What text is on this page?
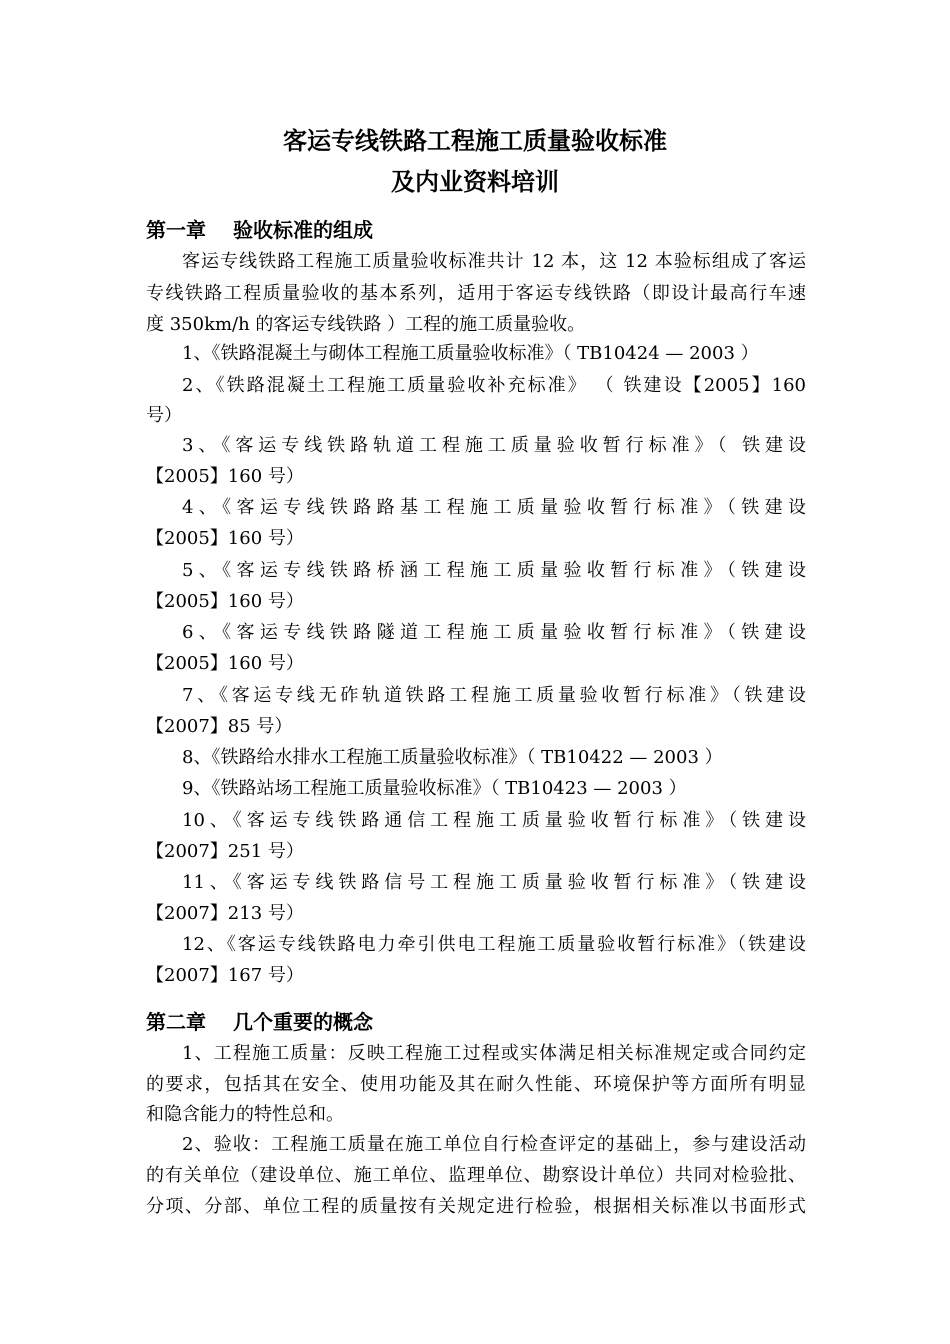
客运专线铁路工程施工质量验收标准
及内业资料培训
第一章　 验收标准的组成

客运专线铁路工程施工质量验收标准共计 12 本，这 12 本验标组成了客运

专线铁路工程质量验收的基本系列，适用于客运专线铁路（即设计最高行车速

度 350km/h 的客运专线铁路 ）工程的施工质量验收。

1、《铁路混凝土与砌体工程施工质量验收标准》（ TB10424 — 2003 ）

2、《铁路混凝土工程施工质量验收补充标准》 （ 铁建设【2005】160

号）

3、《客运专线铁路轨道工程施工质量验收暂行标准》（ 铁建设

【2005】160 号）

4、《客运专线铁路路基工程施工质量验收暂行标准》（铁建设

【2005】160 号）

5、《客运专线铁路桥涵工程施工质量验收暂行标准》（铁建设

【2005】160 号）

6、《客运专线铁路隧道工程施工质量验收暂行标准》（铁建设

【2005】160 号）

7、《客运专线无砟轨道铁路工程施工质量验收暂行标准》（铁建设

【2007】85 号）

8、《铁路给水排水工程施工质量验收标准》（ TB10422 — 2003 ）

9、《铁路站场工程施工质量验收标准》（ TB10423 — 2003 ）

10、《客运专线铁路通信工程施工质量验收暂行标准》（铁建设

【2007】251 号）

11、《客运专线铁路信号工程施工质量验收暂行标准》（铁建设

【2007】213 号）

12、《客运专线铁路电力牵引供电工程施工质量验收暂行标准》（铁建设

【2007】167 号）

第二章　 几个重要的概念

1、工程施工质量：反映工程施工过程或实体满足相关标准规定或合同约定

的要求，包括其在安全、使用功能及其在耐久性能、环境保护等方面所有明显

和隐含能力的特性总和。

2、验收：工程施工质量在施工单位自行检查评定的基础上，参与建设活动

的有关单位（建设单位、施工单位、监理单位、勘察设计单位）共同对检验批、

分项、分部、单位工程的质量按有关规定进行检验，根据相关标准以书面形式
